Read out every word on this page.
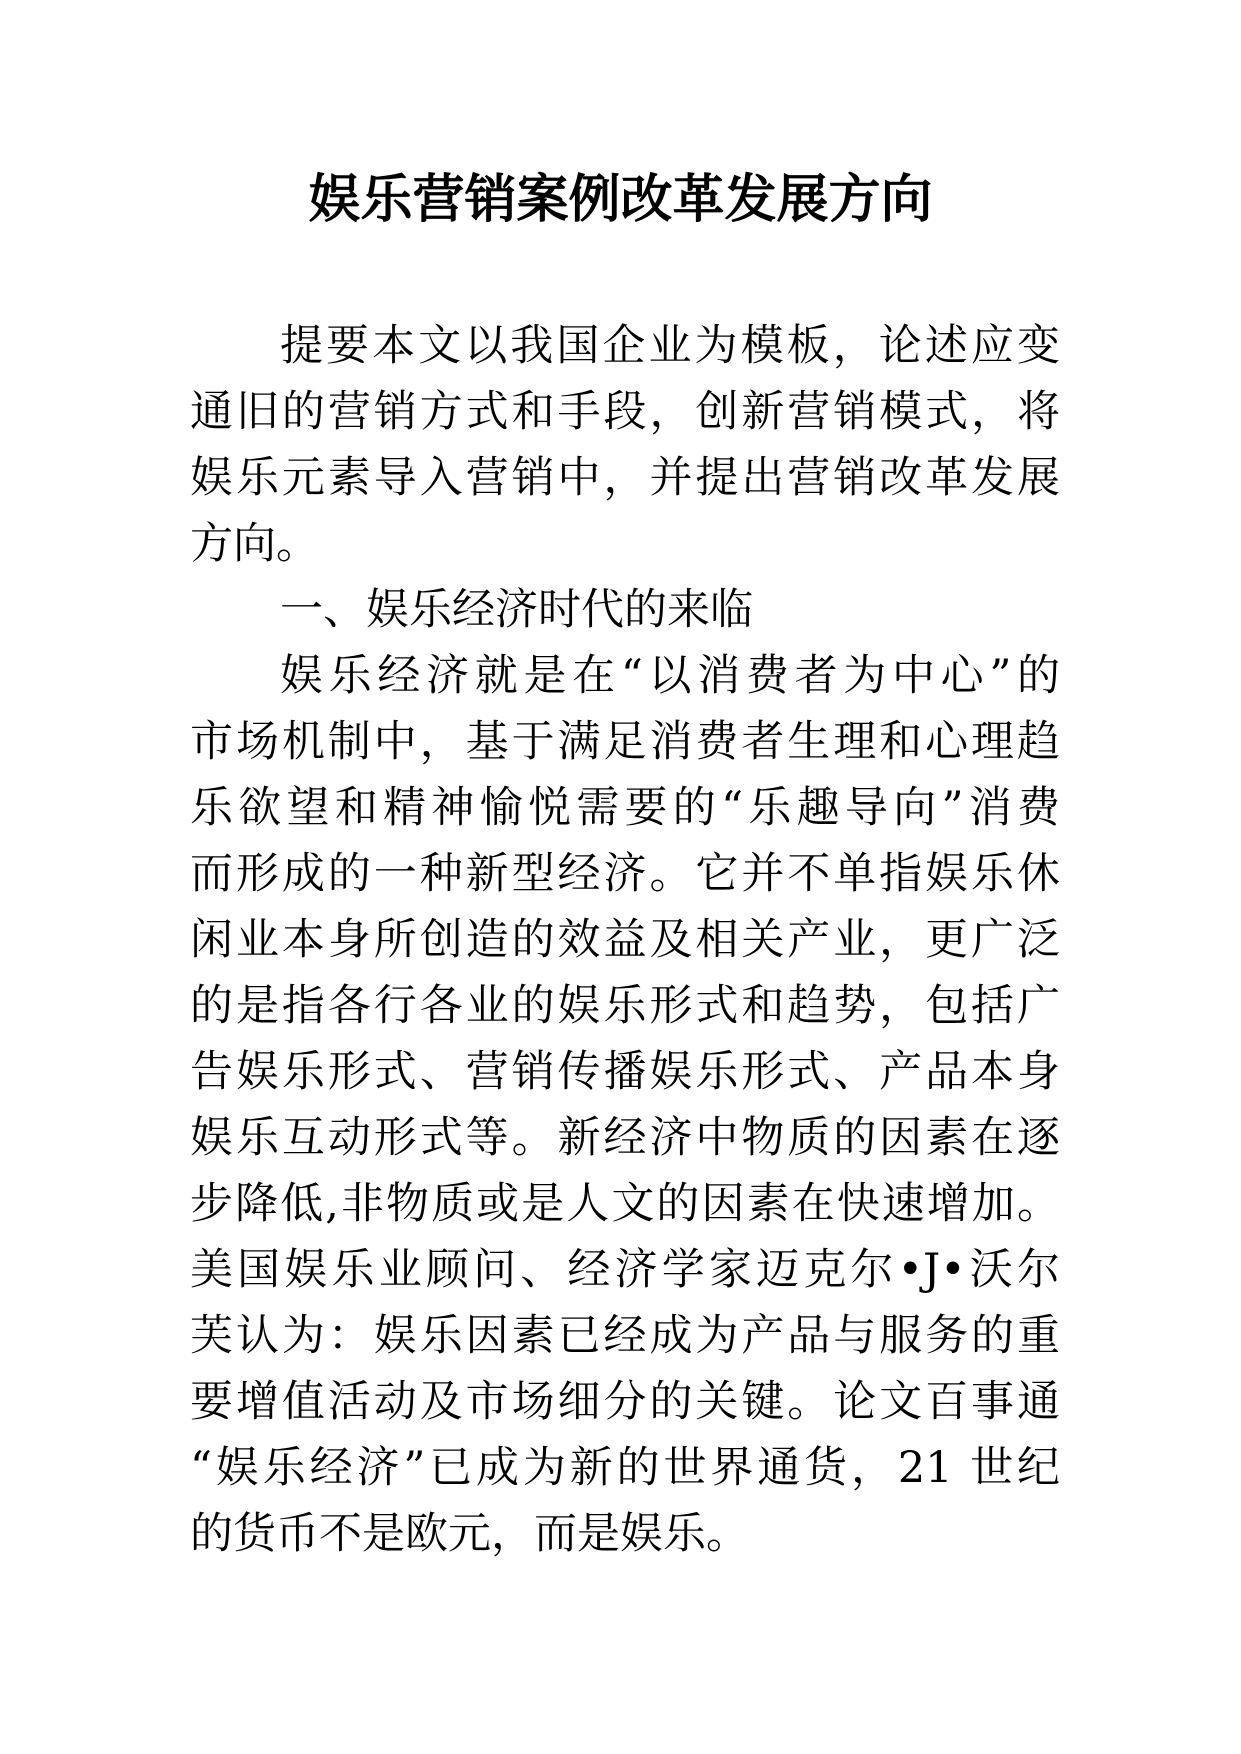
娱乐营销案例改革发展方向
提要本文以我国企业为模板，论述应变
通旧的营销方式和手段，创新营销模式，将
娱乐元素导入营销中，并提出营销改革发展
方向。
一、娱乐经济时代的来临
娱乐经济就是在“以消费者为中心”的
市场机制中，基于满足消费者生理和心理趋
乐欲望和精神愉悦需要的“乐趣导向”消费
而形成的一种新型经济。它并不单指娱乐休
闲业本身所创造的效益及相关产业，更广泛
的是指各行各业的娱乐形式和趋势，包括广
告娱乐形式、营销传播娱乐形式、产品本身
娱乐互动形式等。新经济中物质的因素在逐
步降低,非物质或是人文的因素在快速增加。
美国娱乐业顾问、经济学家迈克尔•J•沃尔
芙认为：娱乐因素已经成为产品与服务的重
要增值活动及市场细分的关键。论文百事通
“娱乐经济”已成为新的世界通货，21 世纪
的货币不是欧元，而是娱乐。
